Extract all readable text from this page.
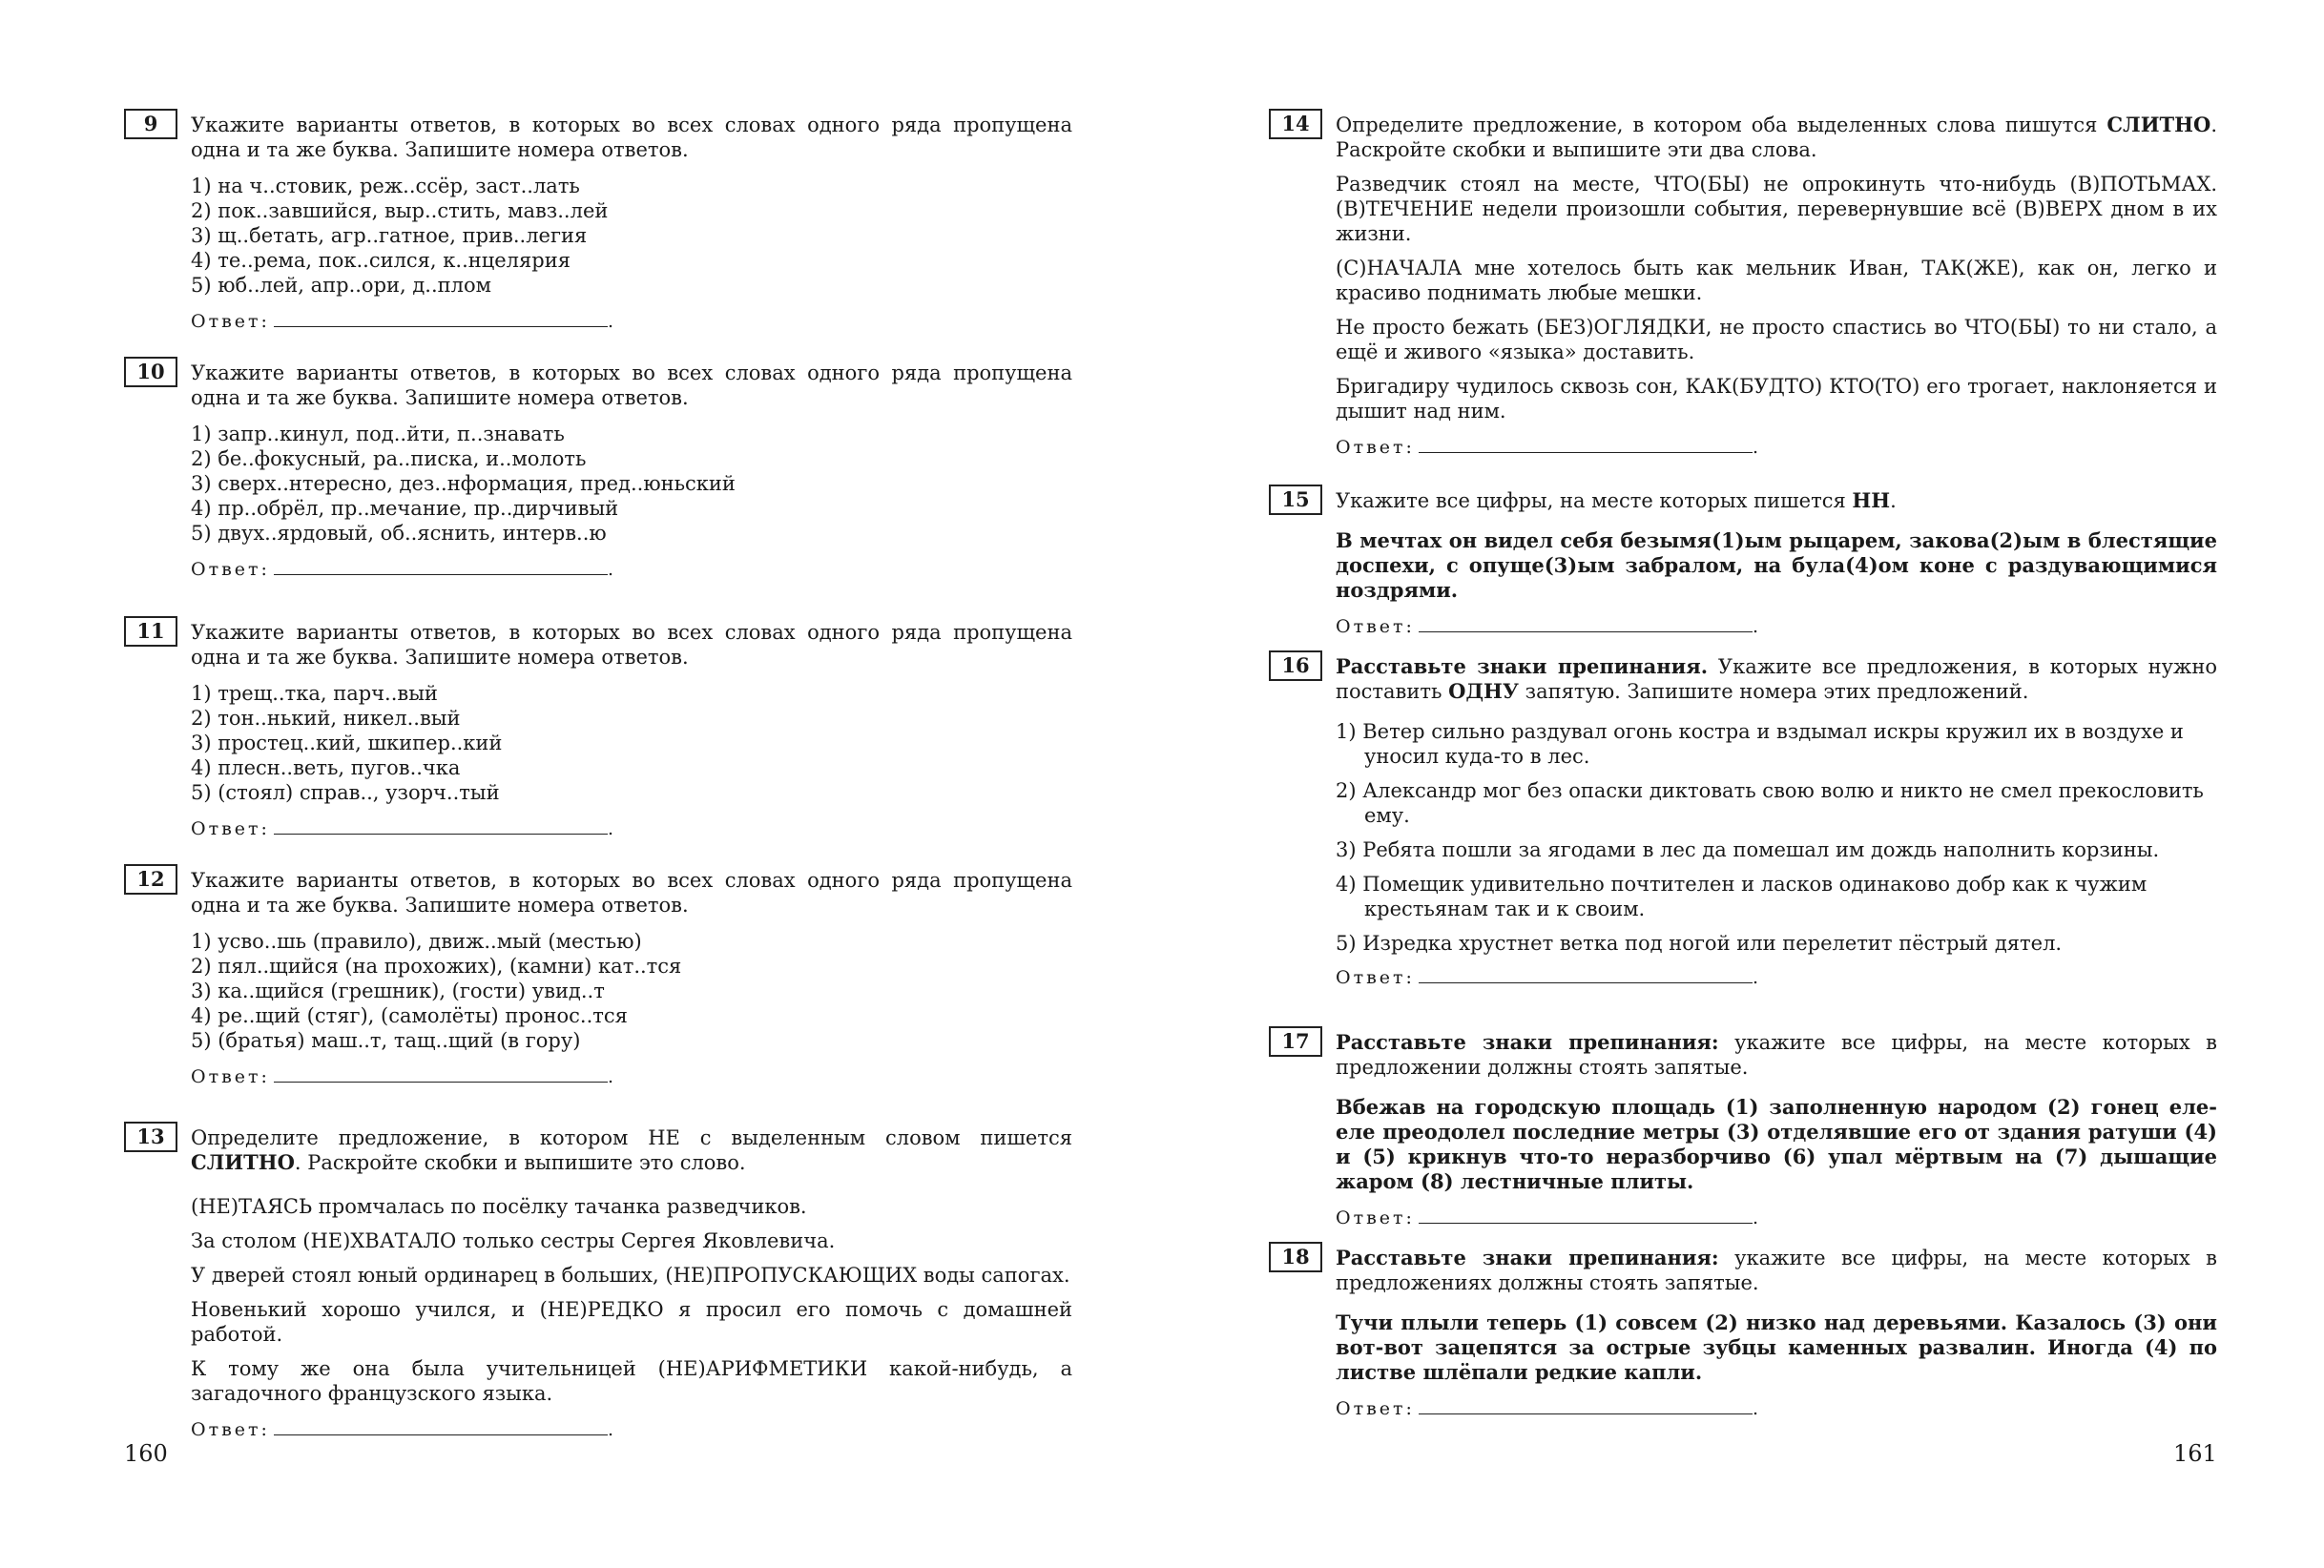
9	Укажите варианты ответов, в которых во всех словах одного ряда пропущена одна и та же буква. Запишите номера ответов.

1) на ч..стовик, реж..ссёр, заст..лать
2) пок..завшийся, выр..стить, мавз..лей
3) щ..бетать, агр..гатное, прив..легия
4) те..рема, пок..сился, к..нцелярия
5) юб..лей, апр..ори, д..плом
Ответ:	.
10	Укажите варианты ответов, в которых во всех словах одного ряда пропущена одна и та же буква. Запишите номера ответов.

1) запр..кинул, под..йти, п..знавать
2) бе..фокусный, ра..писка, и..молоть
3) сверх..нтересно, дез..нформация, пред..юньский
4) пр..обрёл, пр..мечание, пр..дирчивый
5) двух..ярдовый, об..яснить, интерв..ю
Ответ:	.
11	Укажите варианты ответов, в которых во всех словах одного ряда пропущена одна и та же буква. Запишите номера ответов.

1) трещ..тка, парч..вый
2) тон..нький, никел..вый
3) простец..кий, шкипер..кий
4) плесн..веть, пугов..чка
5) (стоял) справ.., узорч..тый
Ответ:	.
12	Укажите варианты ответов, в которых во всех словах одного ряда пропущена одна и та же буква. Запишите номера ответов.

1) усво..шь (правило), движ..мый (местью)
2) пял..щийся (на прохожих), (камни) кат..тся
3) ка..щийся (грешник), (гости) увид..т
4) ре..щий (стяг), (самолёты) пронос..тся
5) (братья) маш..т, тащ..щий (в гору)
Ответ:	.
13	Определите предложение, в котором НЕ с выделенным словом пишется СЛИТНО. Раскройте скобки и выпишите это слово.

(НЕ)ТАЯСЬ промчалась по посёлку тачанка разведчиков.

За столом (НЕ)ХВАТАЛО только сестры Сергея Яковлевича.

У дверей стоял юный ординарец в больших, (НЕ)ПРОПУСКАЮЩИХ воды сапогах.

Новенький хорошо учился, и (НЕ)РЕДКО я просил его помочь с домашней работой.

К тому же она была учительницей (НЕ)АРИФМЕТИКИ какой-нибудь, а загадочного французского языка.

Ответ:	.
160
14	Определите предложение, в котором оба выделенных слова пишутся СЛИТНО. Раскройте скобки и выпишите эти два слова.

Разведчик стоял на месте, ЧТО(БЫ) не опрокинуть что-нибудь (В)ПОТЬМАХ. (В)ТЕЧЕНИЕ недели произошли события, перевернувшие всё (В)ВЕРХ дном в их жизни.

(С)НАЧАЛА мне хотелось быть как мельник Иван, ТАК(ЖЕ), как он, легко и красиво поднимать любые мешки.

Не просто бежать (БЕЗ)ОГЛЯДКИ, не просто спастись во ЧТО(БЫ) то ни стало, а ещё и живого «языка» доставить.

Бригадиру чудилось сквозь сон, КАК(БУДТО) КТО(ТО) его трогает, наклоняется и дышит над ним.

Ответ:	.
15	Укажите все цифры, на месте которых пишется НН.

В мечтах он видел себя безымя(1)ым рыцарем, закова(2)ым в блестящие доспехи, с опуще(3)ым забралом, на була(4)ом коне с раздувающимися ноздрями.

Ответ:	.
16	Расставьте знаки препинания. Укажите все предложения, в которых нужно поставить ОДНУ запятую. Запишите номера этих предложений.

1) Ветер сильно раздувал огонь костра и вздымал искры кружил их в воздухе и уносил куда-то в лес.
2) Александр мог без опаски диктовать свою волю и никто не смел прекословить ему.
3) Ребята пошли за ягодами в лес да помешал им дождь наполнить корзины.
4) Помещик удивительно почтителен и ласков одинаково добр как к чужим крестьянам так и к своим.
5) Изредка хрустнет ветка под ногой или перелетит пёстрый дятел.
Ответ:	.
17	Расставьте знаки препинания: укажите все цифры, на месте которых в предложении должны стоять запятые.

Вбежав на городскую площадь (1) заполненную народом (2) гонец еле-еле преодолел последние метры (3) отделявшие его от здания ратуши (4) и (5) крикнув что-то неразборчиво (6) упал мёртвым на (7) дышащие жаром (8) лестничные плиты.

Ответ:	.
18	Расставьте знаки препинания: укажите все цифры, на месте которых в предложениях должны стоять запятые.

Тучи плыли теперь (1) совсем (2) низко над деревьями. Казалось (3) они вот-вот зацепятся за острые зубцы каменных развалин. Иногда (4) по листве шлёпали редкие капли.

Ответ:	.
161
